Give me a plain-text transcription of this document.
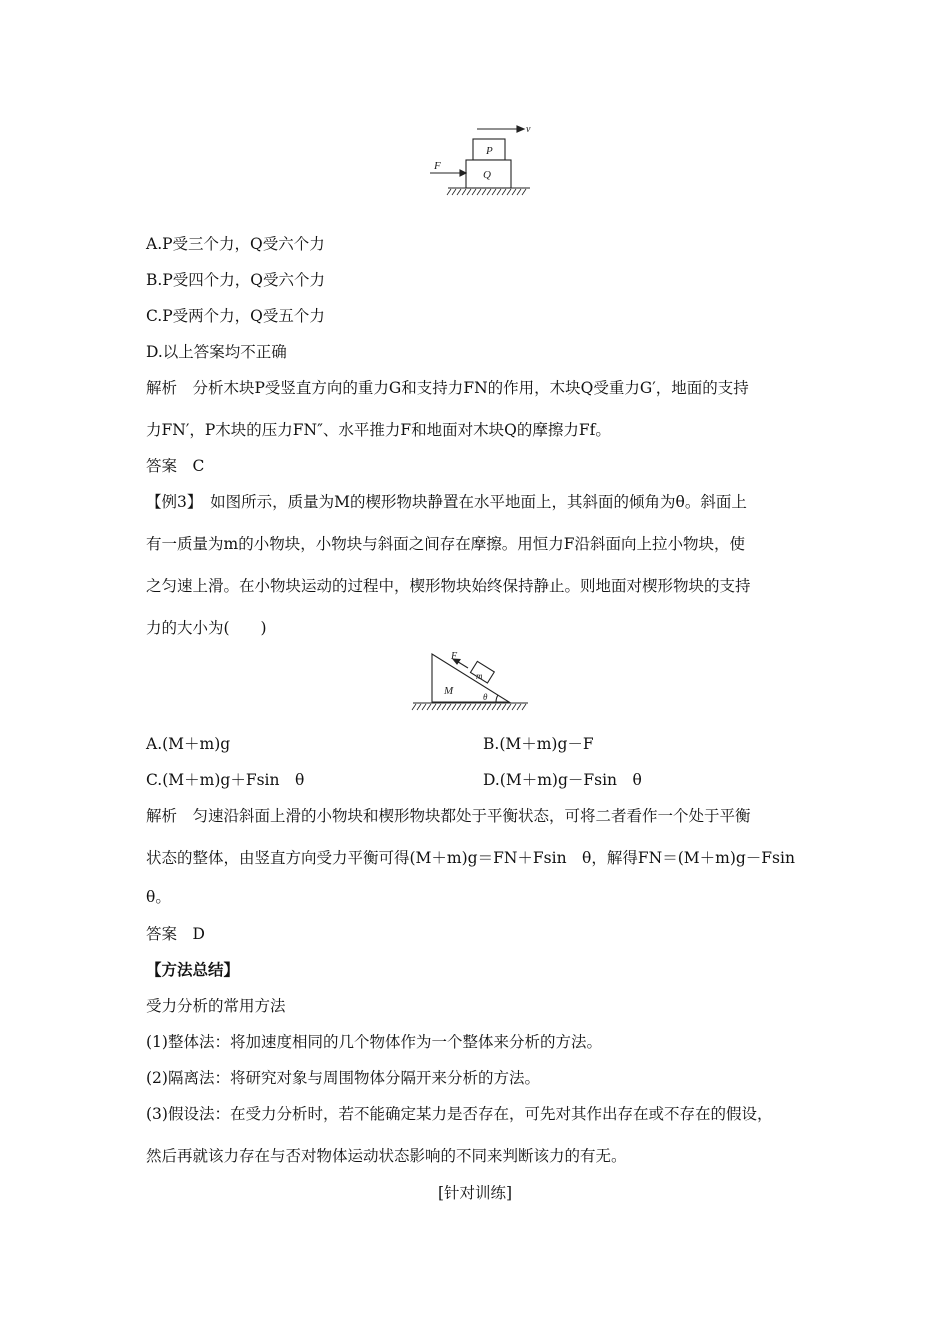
v
P
Q
F
A.P受三个力，Q受六个力
B.P受四个力，Q受六个力
C.P受两个力，Q受五个力
D.以上答案均不正确
解析　分析木块P受竖直方向的重力G和支持力FN的作用，木块Q受重力G′，地面的支持
力FN′，P木块的压力FN″、水平推力F和地面对木块Q的摩擦力Ff。
答案　C
【例3】　如图所示，质量为M的楔形物块静置在水平地面上，其斜面的倾角为θ。斜面上
有一质量为m的小物块，小物块与斜面之间存在摩擦。用恒力F沿斜面向上拉小物块，使
之匀速上滑。在小物块运动的过程中，楔形物块始终保持静止。则地面对楔形物块的支持
力的大小为(　　)
F
m
M	θ
A.(M＋m)g	B.(M＋m)g－F
C.(M＋m)g＋Fsin　θ	D.(M＋m)g－Fsin　θ
解析　匀速沿斜面上滑的小物块和楔形物块都处于平衡状态，可将二者看作一个处于平衡
状态的整体，由竖直方向受力平衡可得(M＋m)g＝FN＋Fsin　θ，解得FN＝(M＋m)g－Fsin
θ。
答案　D
【方法总结】
受力分析的常用方法
(1)整体法：将加速度相同的几个物体作为一个整体来分析的方法。
(2)隔离法：将研究对象与周围物体分隔开来分析的方法。
(3)假设法：在受力分析时，若不能确定某力是否存在，可先对其作出存在或不存在的假设，
然后再就该力存在与否对物体运动状态影响的不同来判断该力的有无。
[针对训练]
